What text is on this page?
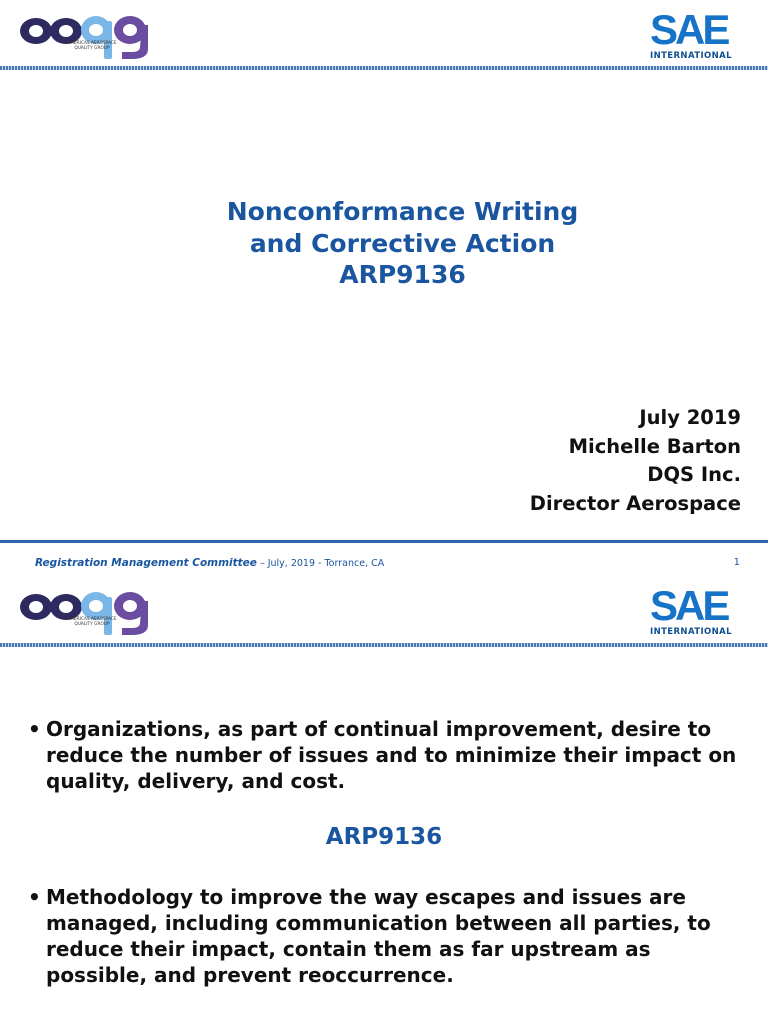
AMERICAS AEROSPACE QUALITY GROUP	SAE
INTERNATIONAL
Nonconformance Writing
and Corrective Action
ARP9136
July 2019
Michelle Barton
DQS Inc.
Director Aerospace
Registration Management Committee – July, 2019 - Torrance, CA	1
AMERICAS AEROSPACE QUALITY GROUP	SAE
INTERNATIONAL
• Organizations, as part of continual improvement, desire to reduce the number of issues and to minimize their impact on quality, delivery, and cost.
ARP9136
• Methodology to improve the way escapes and issues are managed, including communication between all parties, to reduce their impact, contain them as far upstream as possible, and prevent reoccurrence.
